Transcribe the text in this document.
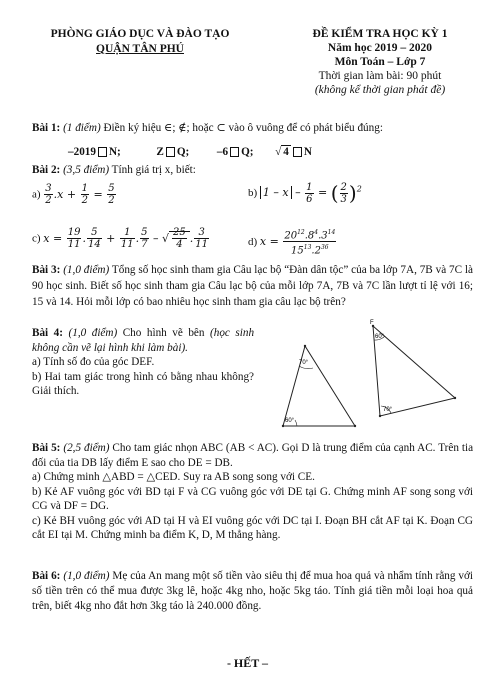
PHÒNG GIÁO DỤC VÀ ĐÀO TẠO
QUẬN TÂN PHÚ
ĐỀ KIỂM TRA HỌC KỲ 1
Năm học 2019 – 2020
Môn Toán – Lớp 7
Thời gian làm bài: 90 phút
(không kể thời gian phát đề)
Bài 1: (1 điểm) Điền ký hiệu ∈; ∉; hoặc ⊂ vào ô vuông để có phát biểu đúng:
–2019 N;	Z Q; –6 Q;  √ 4 N
Bài 2: (3,5 điểm) Tính giá trị x, biết:
$a) \frac{3}{2} .x + \frac{1}{2} = \frac{5}{2}$	b) 1 – x – $\frac{1}{6}$ = ( $\frac{2}{3} )^2$
c) $x = \frac{19}{11}$ . $\frac{5}{14} + \frac{1}{11}$ . $\frac{5}{7}$ – √ $\frac{25}{4}$ . $\frac{3}{11}$	d) $x = \frac{20^{12}.8^4.3^{14}}{15^{13}.2^{36}}$
Bài 3: (1,0 điểm) Tổng số học sinh tham gia Câu lạc bộ “Đàn dân tộc” của ba lớp 7A, 7B và 7C là 90 học sinh. Biết số học sinh tham gia Câu lạc bộ của mỗi lớp 7A, 7B và 7C lần lượt tỉ lệ với 16; 15 và 14. Hỏi mỗi lớp có bao nhiêu học sinh tham gia câu lạc bộ trên?
Bài 4: (1,0 điểm) Cho hình vẽ bên (học sinh không cần vẽ lại hình khi làm bài).
a) Tính số đo của góc DEF.
b) Hai tam giác trong hình có bằng nhau không? Giải thích.
70°
60°
60°
70°
F
Bài 5: (2,5 điểm) Cho tam giác nhọn ABC (AB < AC). Gọi D là trung điểm của cạnh AC. Trên tia đối của tia DB lấy điểm E sao cho DE = DB.
a) Chứng minh △ABD = △CED. Suy ra AB song song với CE.
b) Kẻ AF vuông góc với BD tại F và CG vuông góc với DE tại G. Chứng minh AF song song với CG và DF = DG.
c) Kẻ BH vuông góc với AD tại H và EI vuông góc với DC tại I. Đoạn BH cắt AF tại K. Đoạn CG cắt EI tại M. Chứng minh ba điểm K, D, M thẳng hàng.
Bài 6: (1,0 điểm) Mẹ của An mang một số tiền vào siêu thị để mua hoa quả và nhẩm tính rằng với số tiền trên có thể mua được 3kg lê, hoặc 4kg nho, hoặc 5kg táo. Tính giá tiền mỗi loại hoa quả trên, biết 4kg nho đắt hơn 3kg táo là 240.000 đồng.
- HẾT –
